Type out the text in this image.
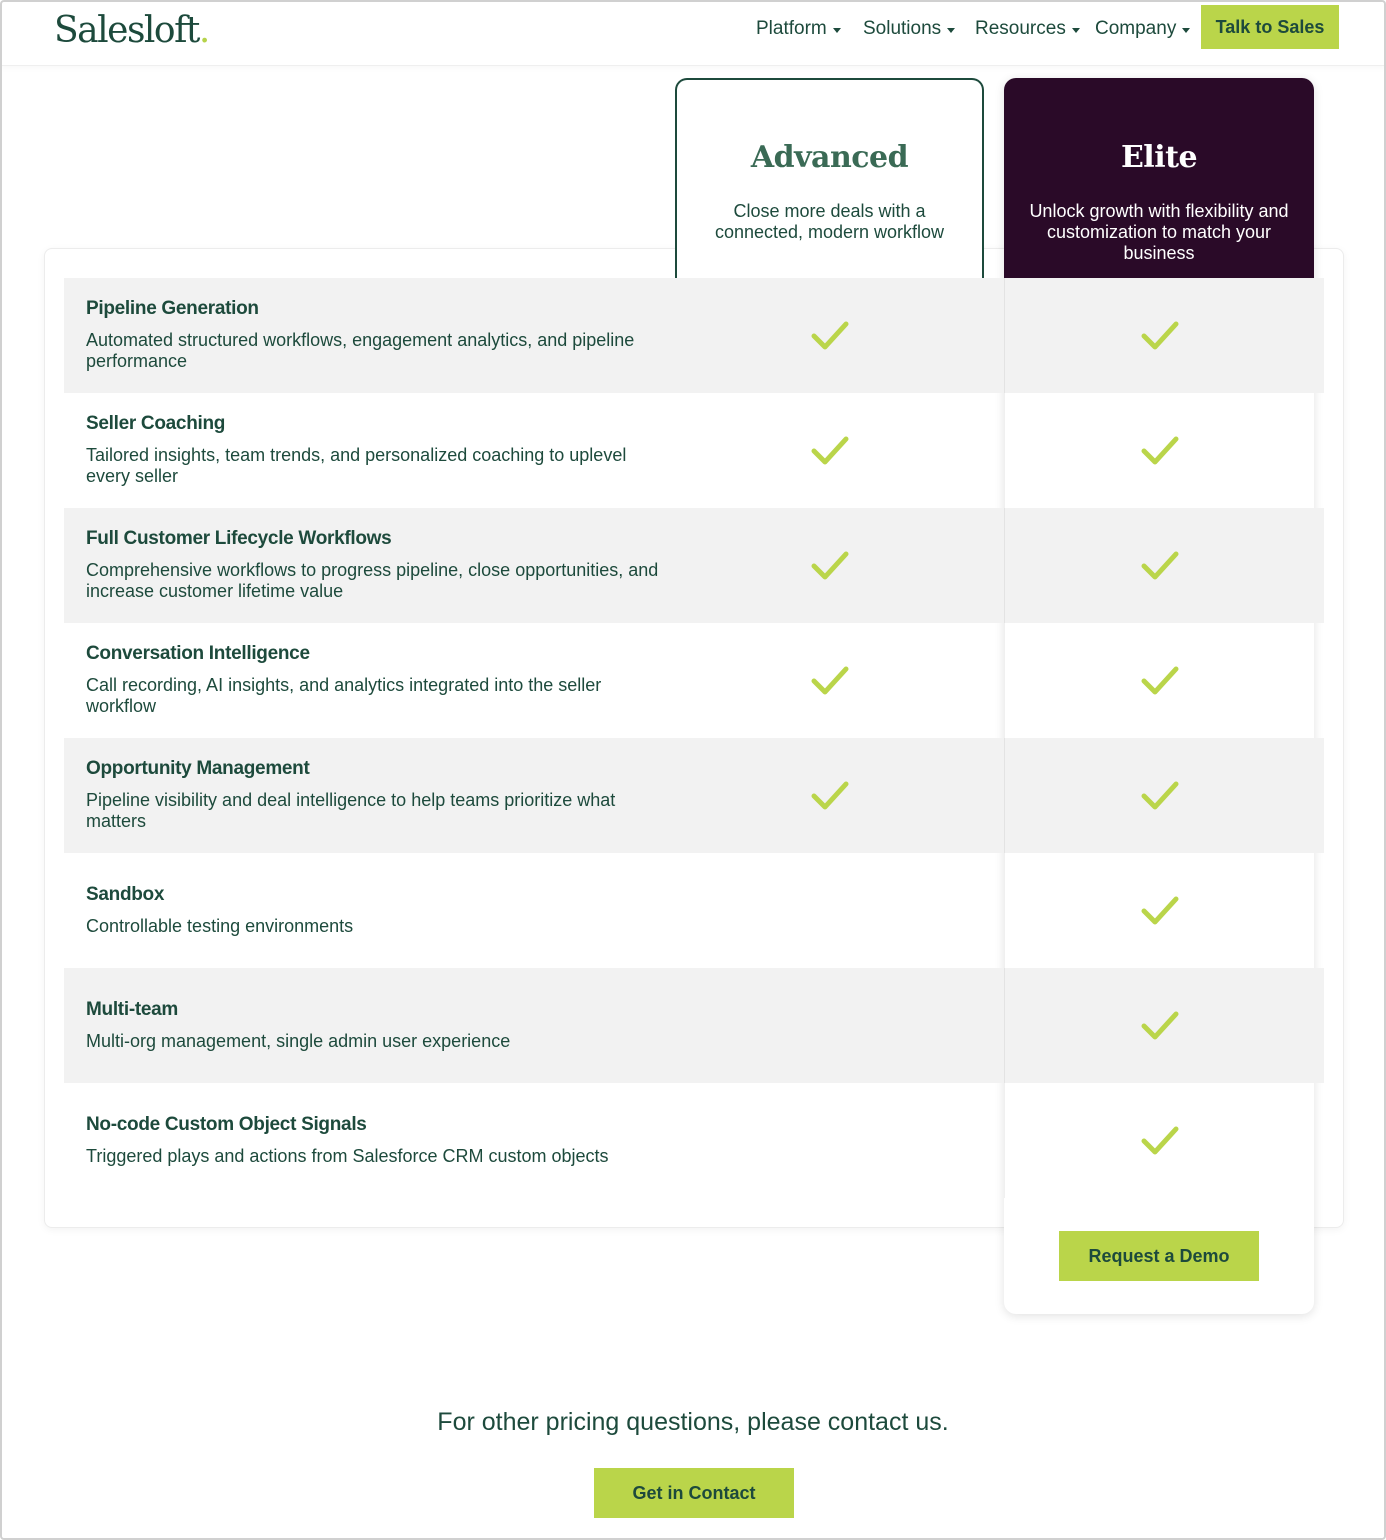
Salesloft.	Platform Solutions Resources Company	Talk to Sales
Advanced
Close more deals with a connected, modern workflow
Elite
Unlock growth with flexibility and customization to match your business
Pipeline Generation
Automated structured workflows, engagement analytics, and pipeline performance
Seller Coaching
Tailored insights, team trends, and personalized coaching to uplevel every seller
Full Customer Lifecycle Workflows
Comprehensive workflows to progress pipeline, close opportunities, and increase customer lifetime value
Conversation Intelligence
Call recording, AI insights, and analytics integrated into the seller workflow
Opportunity Management
Pipeline visibility and deal intelligence to help teams prioritize what matters
Sandbox
Controllable testing environments
Multi-team
Multi-org management, single admin user experience
No-code Custom Object Signals
Triggered plays and actions from Salesforce CRM custom objects
Request a Demo
For other pricing questions, please contact us.
Get in Contact
